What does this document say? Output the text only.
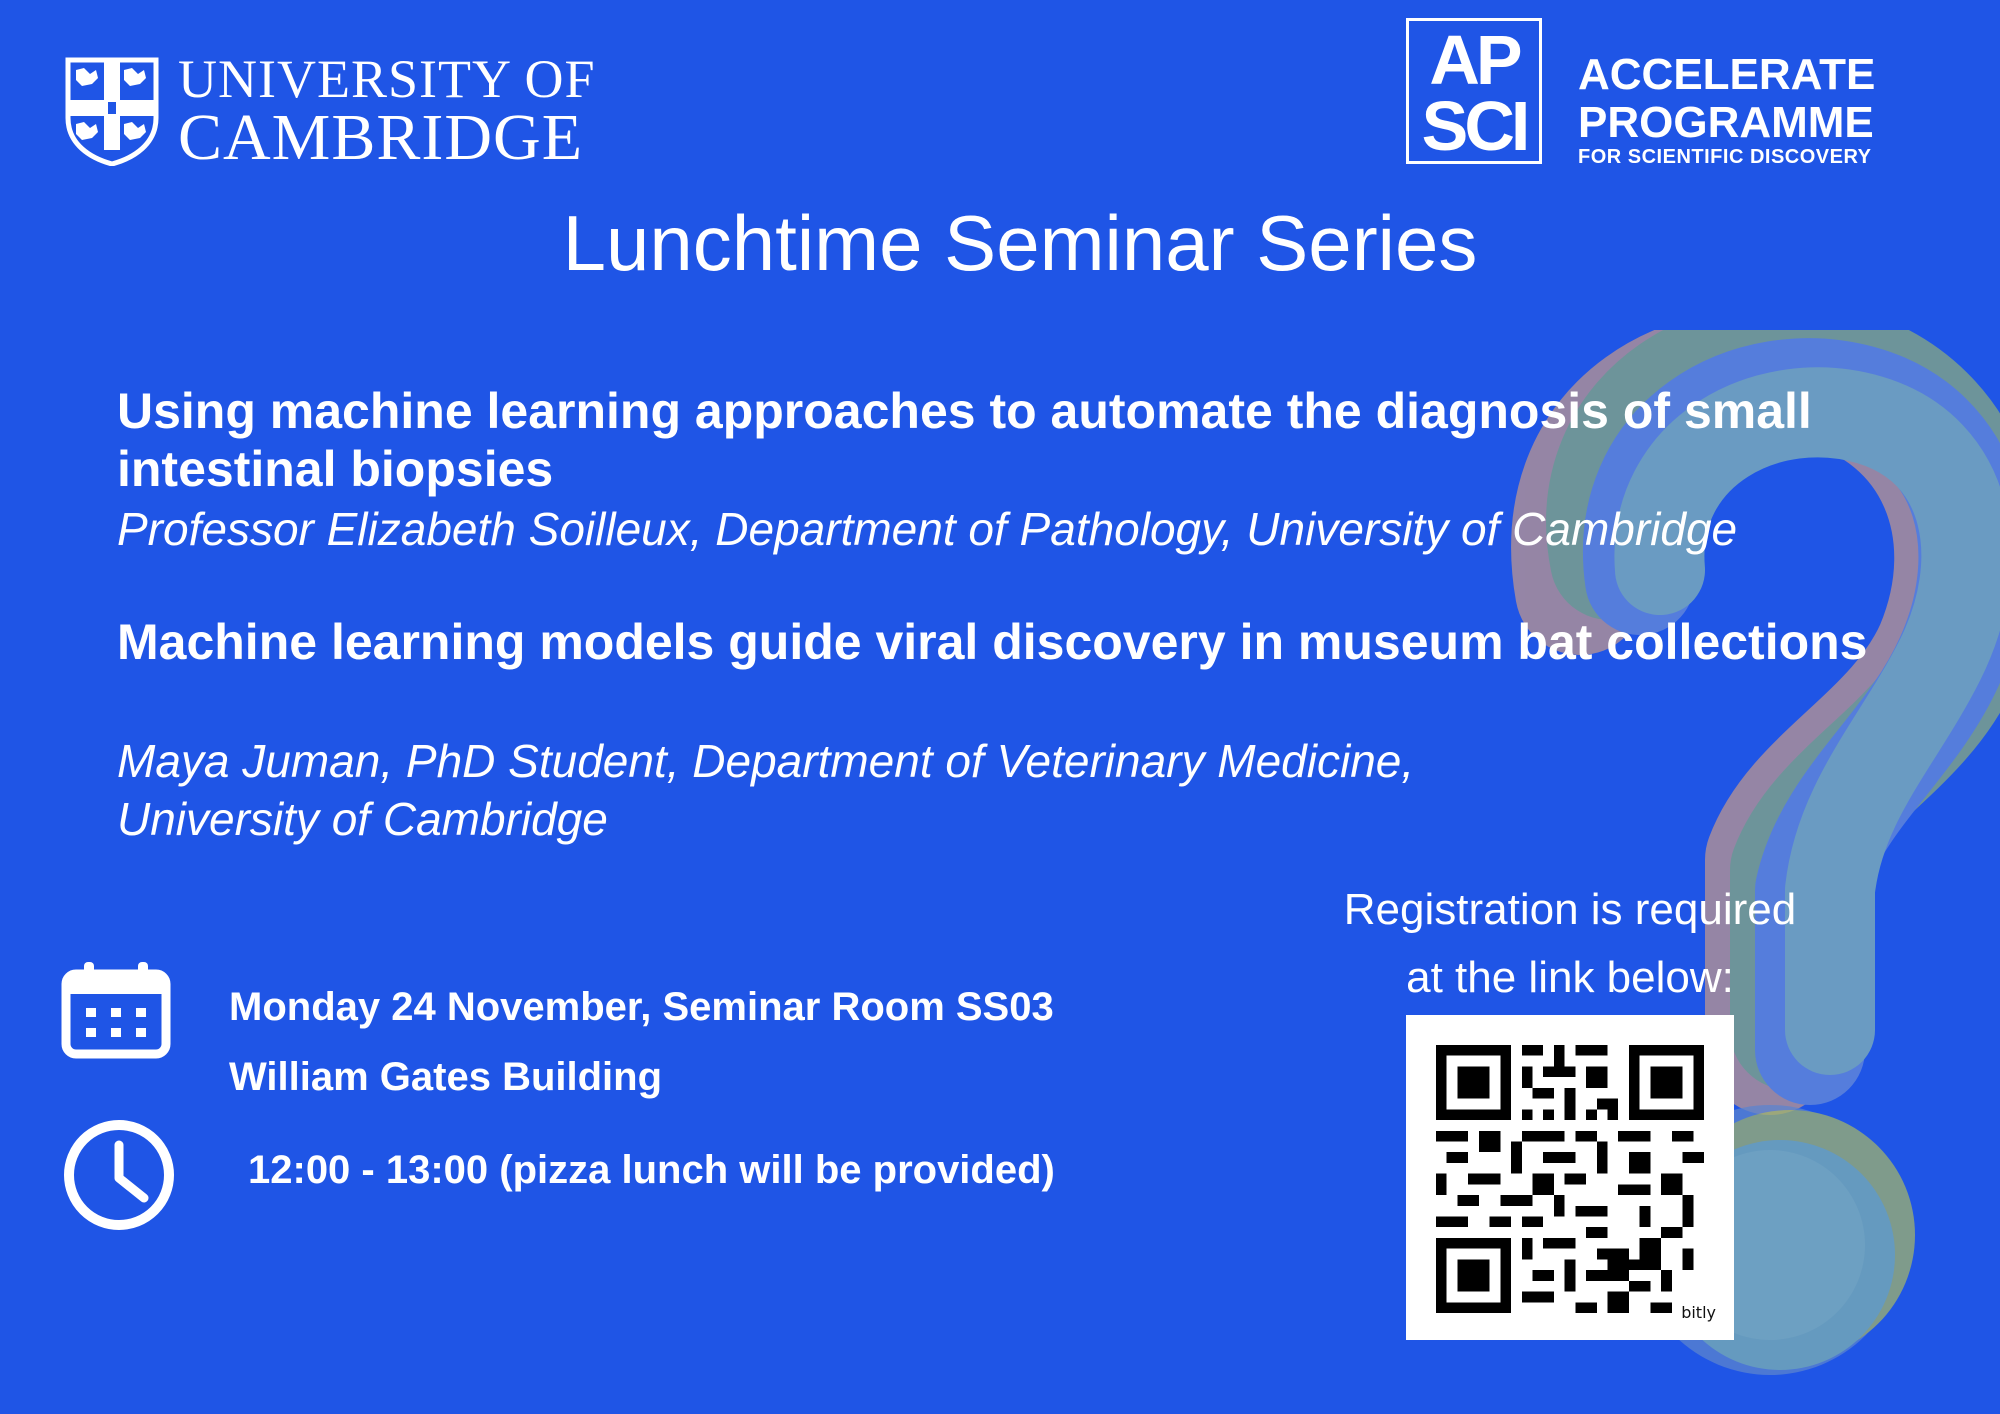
UNIVERSITY OF
CAMBRIDGE
AP
SCI
ACCELERATE
PROGRAMME
FOR SCIENTIFIC DISCOVERY
Lunchtime Seminar Series
Using machine learning approaches to automate the diagnosis of small intestinal biopsies
Professor Elizabeth Soilleux, Department of Pathology, University of Cambridge
Machine learning models guide viral discovery in museum bat collections
Maya Juman, PhD Student, Department of Veterinary Medicine, University of Cambridge
Monday 24 November, Seminar Room SS03
William Gates Building
12:00 - 13:00 (pizza lunch will be provided)
Registration is required
at the link below:
bitly
